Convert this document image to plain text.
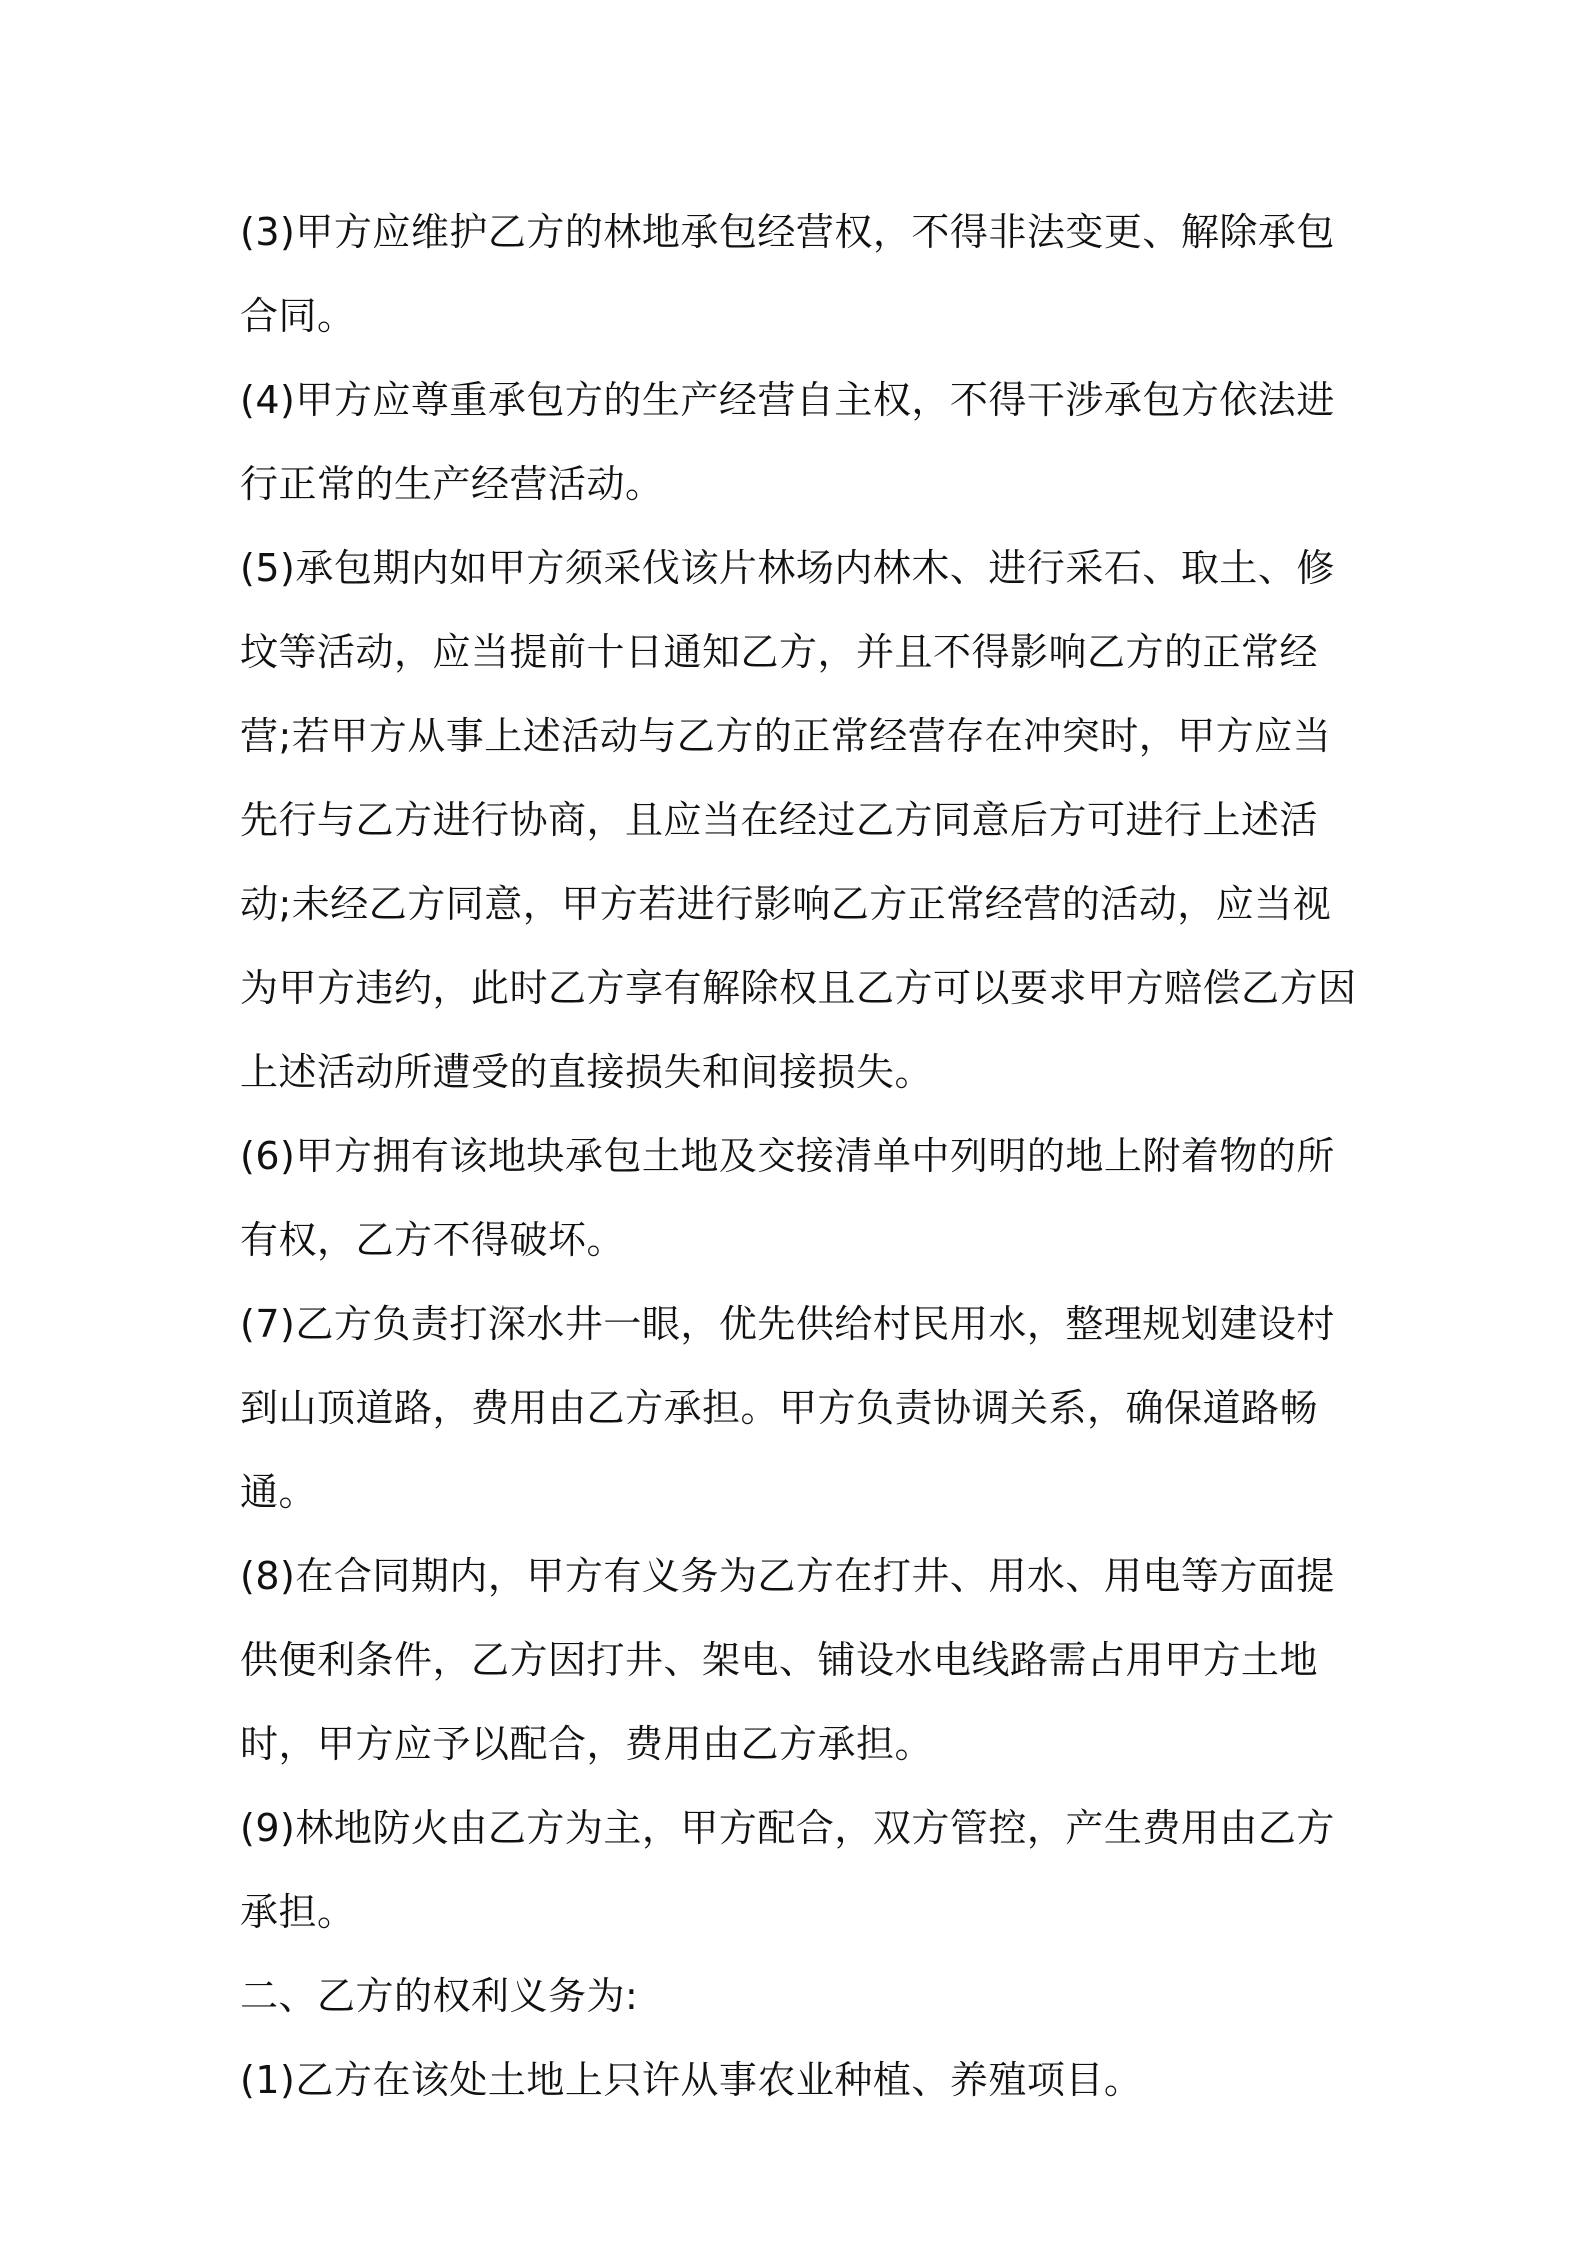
(3)甲方应维护乙方的林地承包经营权，不得非法变更、解除承包合同。

(4)甲方应尊重承包方的生产经营自主权，不得干涉承包方依法进行正常的生产经营活动。

(5)承包期内如甲方须采伐该片林场内林木、进行采石、取土、修坟等活动，应当提前十日通知乙方，并且不得影响乙方的正常经营;若甲方从事上述活动与乙方的正常经营存在冲突时，甲方应当先行与乙方进行协商，且应当在经过乙方同意后方可进行上述活动;未经乙方同意，甲方若进行影响乙方正常经营的活动，应当视为甲方违约，此时乙方享有解除权且乙方可以要求甲方赔偿乙方因上述活动所遭受的直接损失和间接损失。

(6)甲方拥有该地块承包土地及交接清单中列明的地上附着物的所有权，乙方不得破坏。

(7)乙方负责打深水井一眼，优先供给村民用水，整理规划建设村到山顶道路，费用由乙方承担。甲方负责协调关系，确保道路畅通。

(8)在合同期内，甲方有义务为乙方在打井、用水、用电等方面提供便利条件，乙方因打井、架电、铺设水电线路需占用甲方土地时，甲方应予以配合，费用由乙方承担。

(9)林地防火由乙方为主，甲方配合，双方管控，产生费用由乙方承担。

二、乙方的权利义务为:

(1)乙方在该处土地上只许从事农业种植、养殖项目。
